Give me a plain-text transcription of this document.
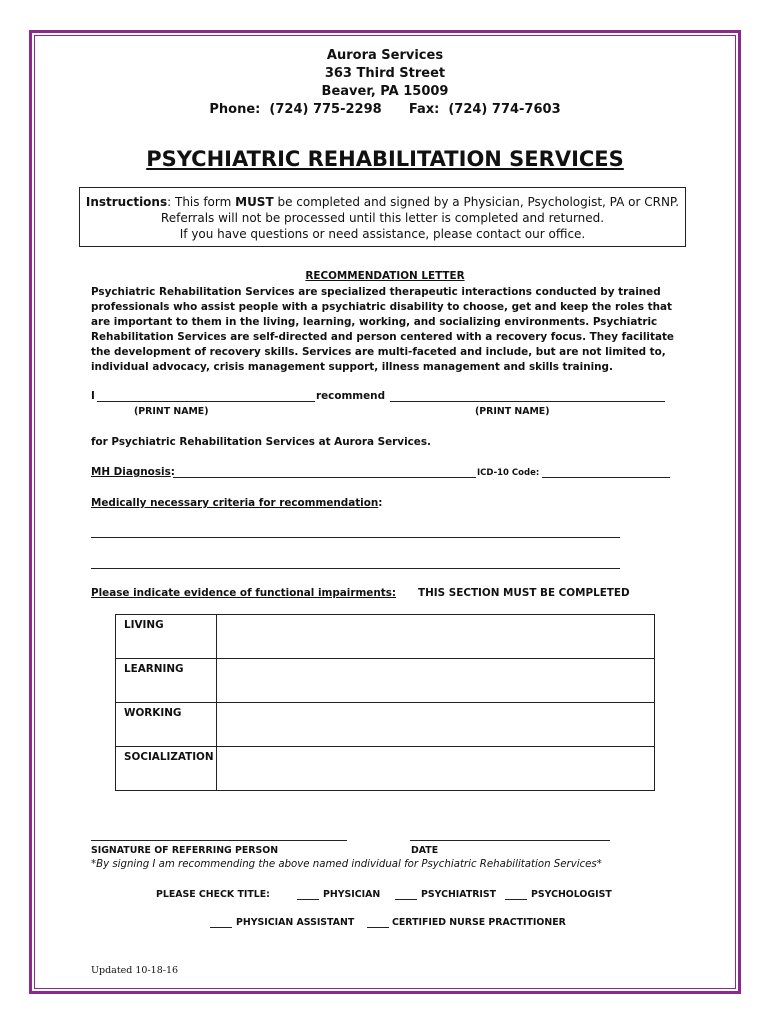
Aurora Services
363 Third Street
Beaver, PA 15009
Phone:  (724) 775-2298      Fax:  (724) 774-7603
PSYCHIATRIC REHABILITATION SERVICES
Instructions: This form MUST be completed and signed by a Physician, Psychologist, PA or CRNP.
Referrals will not be processed until this letter is completed and returned.
If you have questions or need assistance, please contact our office.
RECOMMENDATION LETTER
Psychiatric Rehabilitation Services are specialized therapeutic interactions conducted by trained professionals who assist people with a psychiatric disability to choose, get and keep the roles that are important to them in the living, learning, working, and socializing environments. Psychiatric Rehabilitation Services are self-directed and person centered with a recovery focus. They facilitate the development of recovery skills. Services are multi-faceted and include, but are not limited to, individual advocacy, crisis management support, illness management and skills training.
I	recommend
(PRINT NAME)	(PRINT NAME)
for Psychiatric Rehabilitation Services at Aurora Services.
MH Diagnosis:	ICD-10 Code:
Medically necessary criteria for recommendation:
Please indicate evidence of functional impairments: THIS SECTION MUST BE COMPLETED
LIVING	
LEARNING	
WORKING	
SOCIALIZATION	
SIGNATURE OF REFERRING PERSON	DATE
*By signing I am recommending the above named individual for Psychiatric Rehabilitation Services*
PLEASE CHECK TITLE:	PHYSICIAN	PSYCHIATRIST	PSYCHOLOGIST
PHYSICIAN ASSISTANT	CERTIFIED NURSE PRACTITIONER
Updated 10-18-16
